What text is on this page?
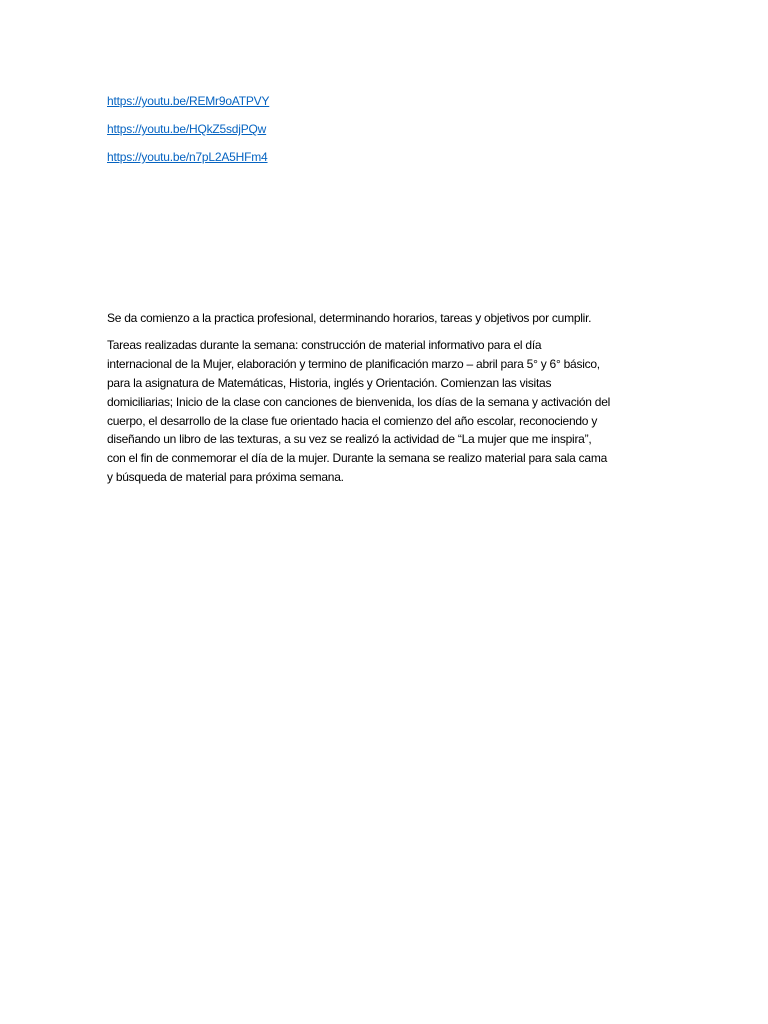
https://youtu.be/REMr9oATPVY
https://youtu.be/HQkZ5sdjPQw
https://youtu.be/n7pL2A5HFm4

Se da comienzo a la practica profesional, determinando horarios, tareas y objetivos por cumplir.

Tareas realizadas durante la semana: construcción de material informativo para el día
internacional de la Mujer, elaboración y termino de planificación marzo – abril para 5° y 6° básico,
para la asignatura de Matemáticas, Historia, inglés y Orientación. Comienzan las visitas
domiciliarias; Inicio de la clase con canciones de bienvenida, los días de la semana y activación del
cuerpo, el desarrollo de la clase fue orientado hacia el comienzo del año escolar, reconociendo y
diseñando un libro de las texturas, a su vez se realizó la actividad de “La mujer que me inspira”,
con el fin de conmemorar el día de la mujer. Durante la semana se realizo material para sala cama
y búsqueda de material para próxima semana.
